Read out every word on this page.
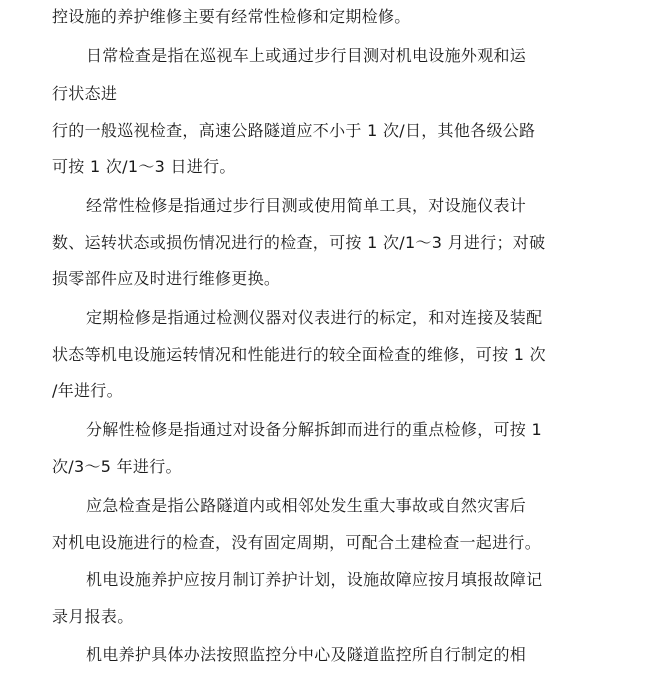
控设施的养护维修主要有经常性检修和定期检修。

日常检查是指在巡视车上或通过步行目测对机电设施外观和运

行状态进

行的一般巡视检查，高速公路隧道应不小于 1 次/日，其他各级公路

可按 1 次/1～3 日进行。

经常性检修是指通过步行目测或使用简单工具，对设施仪表计

数、运转状态或损伤情况进行的检查，可按 1 次/1～3 月进行；对破

损零部件应及时进行维修更换。

定期检修是指通过检测仪器对仪表进行的标定，和对连接及装配

状态等机电设施运转情况和性能进行的较全面检查的维修，可按 1 次

/年进行。

分解性检修是指通过对设备分解拆卸而进行的重点检修，可按 1

次/3～5 年进行。

应急检查是指公路隧道内或相邻处发生重大事故或自然灾害后

对机电设施进行的检查，没有固定周期，可配合土建检查一起进行。

机电设施养护应按月制订养护计划，设施故障应按月填报故障记

录月报表。

机电养护具体办法按照监控分中心及隧道监控所自行制定的相
